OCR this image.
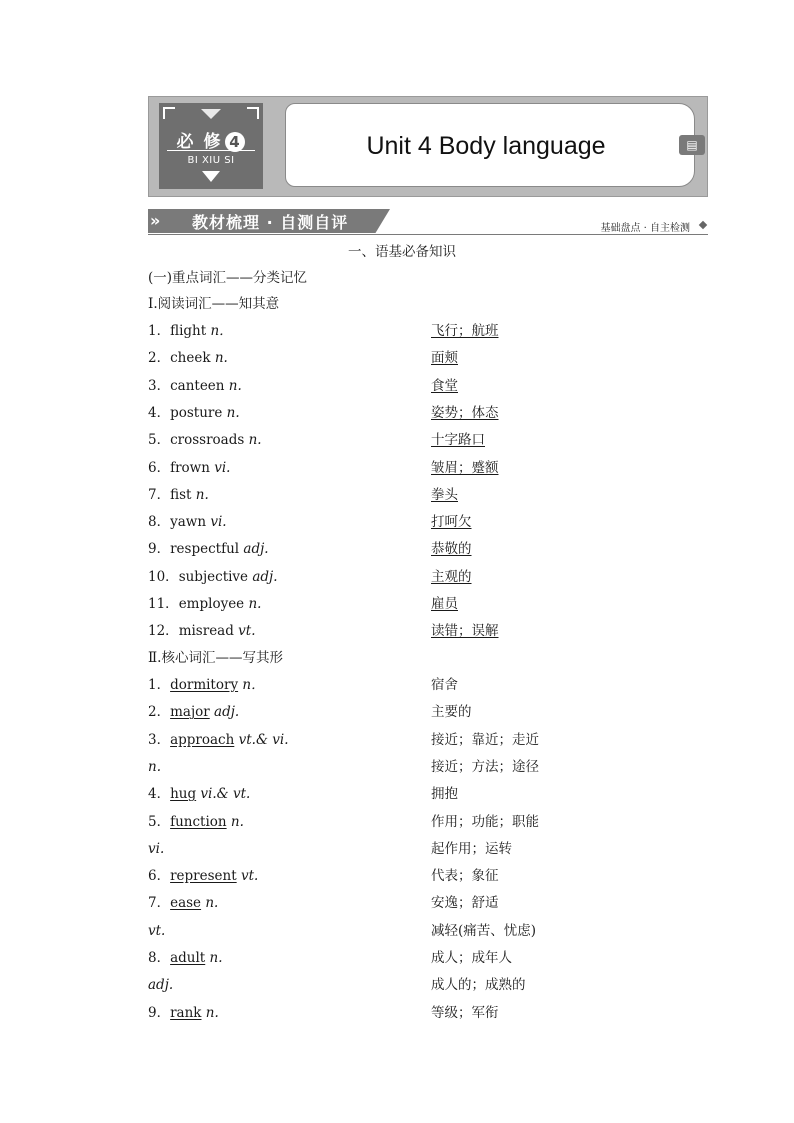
必 修 4
BI XIU SI
Unit 4 Body language	▤
» 教材梳理 · 自测自评	基础盘点 · 自主检测
一、语基必备知识
(一)重点词汇——分类记忆
Ⅰ.阅读词汇——知其意
1．flight n．	飞行；航班
2．cheek n.	面颊
3．canteen n.	食堂
4．posture n.	姿势；体态
5．crossroads n.	十字路口
6．frown vi.	皱眉；蹙额
7．fist n.	拳头
8．yawn vi.	打呵欠
9．respectful adj.	恭敬的
10．subjective adj.	主观的
11．employee n.	雇员
12．misread vt.	读错；误解
Ⅱ.核心词汇——写其形
1．dormitory n．	宿舍
2．major adj.	主要的
3．approach vt.& vi.	接近；靠近；走近
n.	接近；方法；途径
4．hug vi.& vt.	拥抱
5．function n.	作用；功能；职能
vi.	起作用；运转
6．represent vt.	代表；象征
7．ease n.	安逸；舒适
vt.	减轻(痛苦、忧虑)
8．adult n.	成人；成年人
adj.	成人的；成熟的
9．rank n.	等级；军衔
